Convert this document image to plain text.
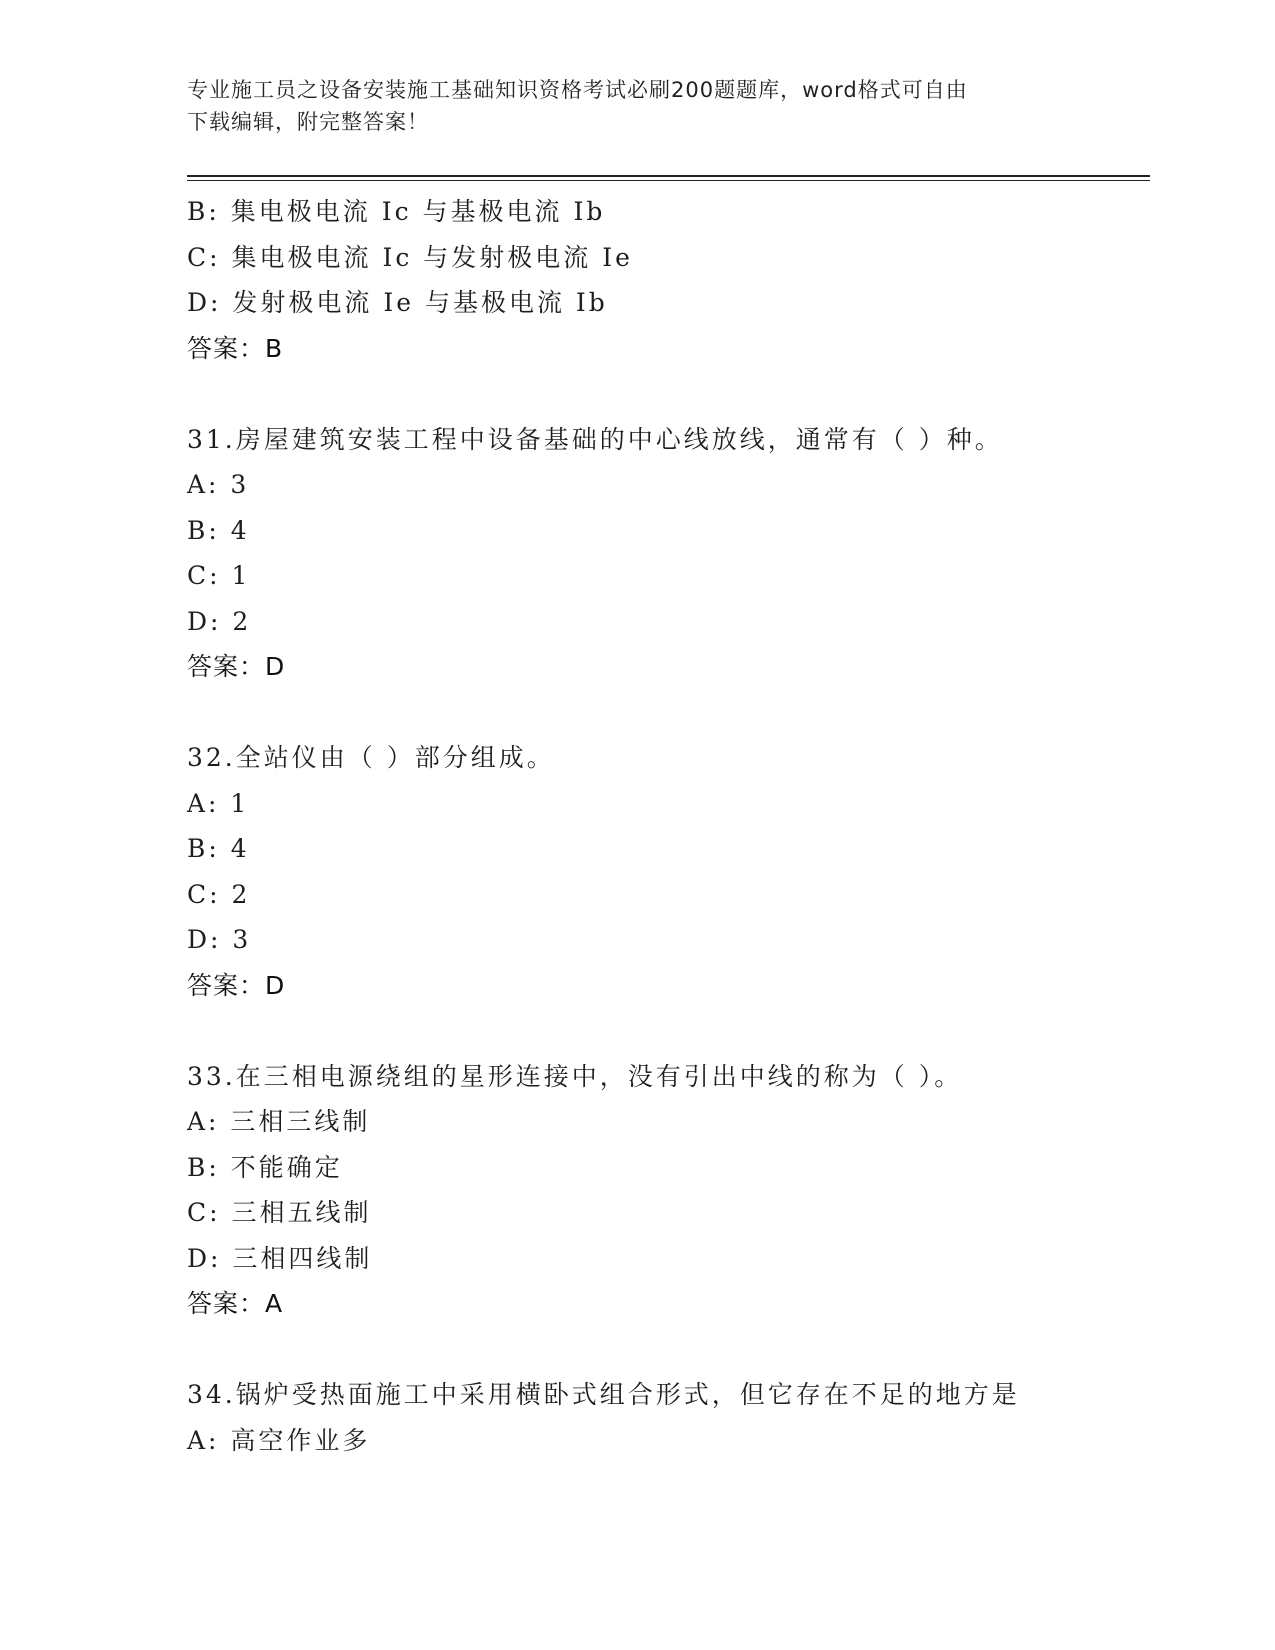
专业施工员之设备安装施工基础知识资格考试必刷200题题库，word格式可自由
下载编辑，附完整答案！
B: 集电极电流 Ic 与基极电流 Ib
C: 集电极电流 Ic 与发射极电流 Ie
D: 发射极电流 Ie 与基极电流 Ib
答案：B
31.房屋建筑安装工程中设备基础的中心线放线，通常有（ ）种。
A: 3
B: 4
C: 1
D: 2
答案：D
32.全站仪由（ ）部分组成。
A: 1
B: 4
C: 2
D: 3
答案：D
33.在三相电源绕组的星形连接中，没有引出中线的称为（ ）。
A: 三相三线制
B: 不能确定
C: 三相五线制
D: 三相四线制
答案：A
34.锅炉受热面施工中采用横卧式组合形式，但它存在不足的地方是
A: 高空作业多
